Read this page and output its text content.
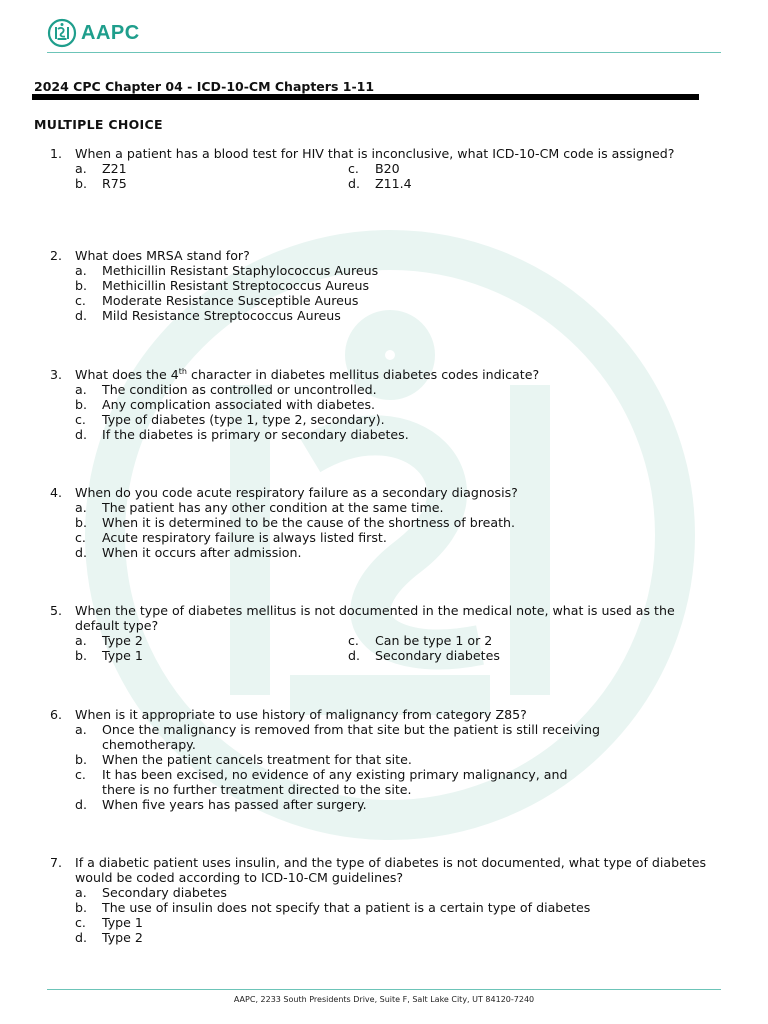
AAPC
2024 CPC Chapter 04 - ICD-10-CM Chapters 1-11
MULTIPLE CHOICE
1.	When a patient has a blood test for HIV that is inconclusive, what ICD-10-CM code is assigned?
a.	Z21	c.	B20
b.	R75	d.	Z11.4
2.	What does MRSA stand for?
a.	Methicillin Resistant Staphylococcus Aureus
b.	Methicillin Resistant Streptococcus Aureus
c.	Moderate Resistance Susceptible Aureus
d.	Mild Resistance Streptococcus Aureus
3.	What does the 4th character in diabetes mellitus diabetes codes indicate?
a.	The condition as controlled or uncontrolled.
b.	Any complication associated with diabetes.
c.	Type of diabetes (type 1, type 2, secondary).
d.	If the diabetes is primary or secondary diabetes.
4.	When do you code acute respiratory failure as a secondary diagnosis?
a.	The patient has any other condition at the same time.
b.	When it is determined to be the cause of the shortness of breath.
c.	Acute respiratory failure is always listed first.
d.	When it occurs after admission.
5.	When the type of diabetes mellitus is not documented in the medical note, what is used as the default type?
a.	Type 2	c.	Can be type 1 or 2
b.	Type 1	d.	Secondary diabetes
6.	When is it appropriate to use history of malignancy from category Z85?
a.	Once the malignancy is removed from that site but the patient is still receiving chemotherapy.
b.	When the patient cancels treatment for that site.
c.	It has been excised, no evidence of any existing primary malignancy, and there is no further treatment directed to the site.
d.	When five years has passed after surgery.
7.	If a diabetic patient uses insulin, and the type of diabetes is not documented, what type of diabetes would be coded according to ICD-10-CM guidelines?
a.	Secondary diabetes
b.	The use of insulin does not specify that a patient is a certain type of diabetes
c.	Type 1
d.	Type 2
AAPC, 2233 South Presidents Drive, Suite F, Salt Lake City, UT 84120-7240
